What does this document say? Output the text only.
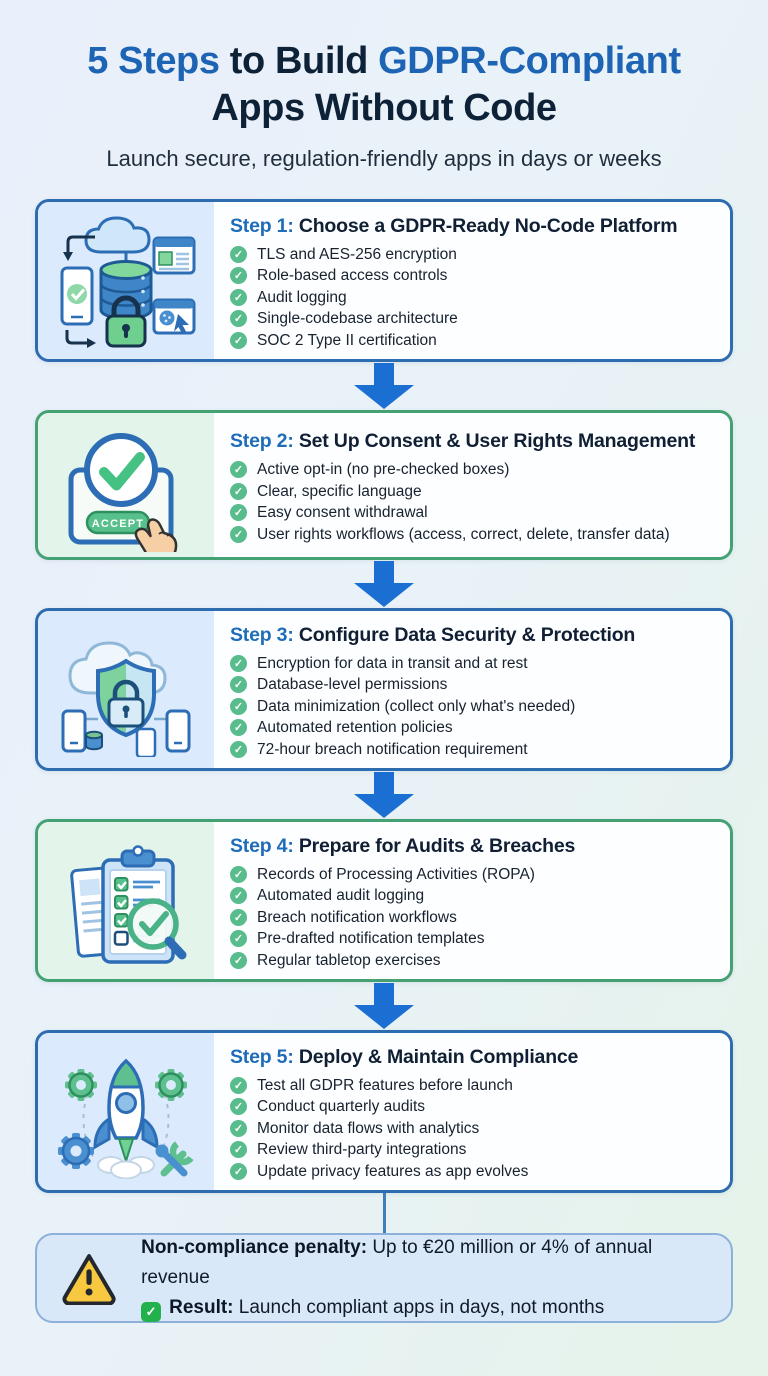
5 Steps to Build GDPR-Compliant
Apps Without Code

Launch secure, regulation-friendly apps in days or weeks

Step 1: Choose a GDPR-Ready No-Code Platform
✓ TLS and AES-256 encryption
✓ Role-based access controls
✓ Audit logging
✓ Single-codebase architecture
✓ SOC 2 Type II certification
ACCEPT
Step 2: Set Up Consent & User Rights Management
✓ Active opt-in (no pre-checked boxes)
✓ Clear, specific language
✓ Easy consent withdrawal
✓ User rights workflows (access, correct, delete, transfer data)
Step 3: Configure Data Security & Protection
✓ Encryption for data in transit and at rest
✓ Database-level permissions
✓ Data minimization (collect only what's needed)
✓ Automated retention policies
✓ 72-hour breach notification requirement
Step 4: Prepare for Audits & Breaches
✓ Records of Processing Activities (ROPA)
✓ Automated audit logging
✓ Breach notification workflows
✓ Pre-drafted notification templates
✓ Regular tabletop exercises
Step 5: Deploy & Maintain Compliance
✓ Test all GDPR features before launch
✓ Conduct quarterly audits
✓ Monitor data flows with analytics
✓ Review third-party integrations
✓ Update privacy features as app evolves
Non-compliance penalty: Up to €20 million or 4% of annual revenue
✓ Result: Launch compliant apps in days, not months
